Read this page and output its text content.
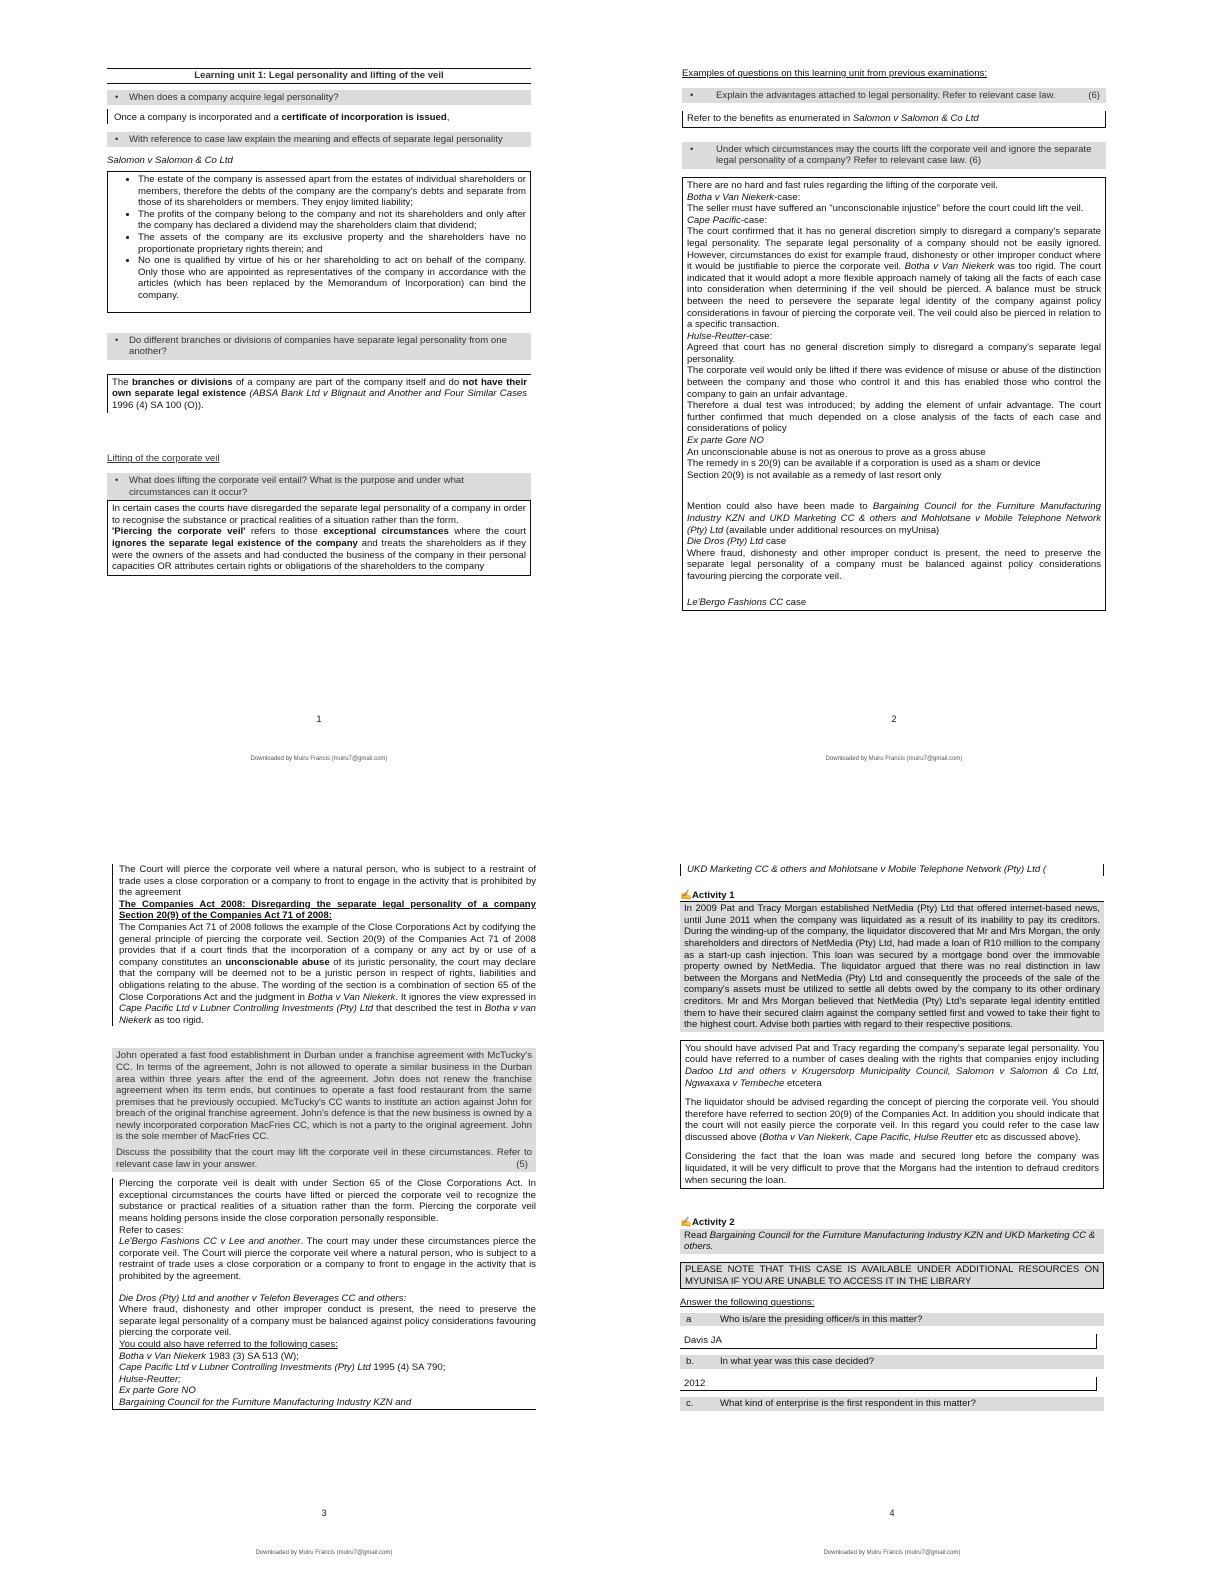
Learning unit 1: Legal personality and lifting of the veil
• When does a company acquire legal personality?
Once a company is incorporated and a certificate of incorporation is issued,
•	With reference to case law explain the meaning and effects of separate legal personality

Salomon v Salomon & Co Ltd

• The estate of the company is assessed apart from the estates of individual shareholders or members, therefore the debts of the company are the company's debts and separate from those of its shareholders or members. They enjoy limited liability;
• The profits of the company belong to the company and not its shareholders and only after the company has declared a dividend may the shareholders claim that dividend;
• The assets of the company are its exclusive property and the shareholders have no proportionate proprietary rights therein; and
• No one is qualified by virtue of his or her shareholding to act on behalf of the company. Only those who are appointed as representatives of the company in accordance with the articles (which has been replaced by the Memorandum of Incorporation) can bind the company.
•	Do different branches or divisions of companies have separate legal personality from one another?
The branches or divisions of a company are part of the company itself and do not have their own separate legal existence (ABSA Bank Ltd v Blignaut and Another and Four Similar Cases 1996 (4) SA 100 (O)).

Lifting of the corporate veil

•	What does lifting the corporate veil entail? What is the purpose and under what circumstances can it occur?

In certain cases the courts have disregarded the separate legal personality of a company in order to recognise the substance or practical realities of a situation rather than the form.

'Piercing the corporate veil' refers to those exceptional circumstances where the court ignores the separate legal existence of the company and treats the shareholders as if they were the owners of the assets and had conducted the business of the company in their personal capacities OR attributes certain rights or obligations of the shareholders to the company

1
Downloaded by Muiru Francis (muiru7@gmail.com)

Examples of questions on this learning unit from previous examinations:

•	Explain the advantages attached to legal personality. Refer to relevant case law.	(6)
Refer to the benefits as enumerated in Salomon v Salomon & Co Ltd
•	Under which circumstances may the courts lift the corporate veil and ignore the separate legal personality of a company? Refer to relevant case law. (6)

There are no hard and fast rules regarding the lifting of the corporate veil.

Botha v Van Niekerk-case:

The seller must have suffered an "unconscionable injustice" before the court could lift the veil.

Cape Pacific-case:

The court confirmed that it has no general discretion simply to disregard a company's separate legal personality. The separate legal personality of a company should not be easily ignored. However, circumstances do exist for example fraud, dishonesty or other improper conduct where it would be justifiable to pierce the corporate veil. Botha v Van Niekerk was too rigid. The court indicated that it would adopt a more flexible approach namely of taking all the facts of each case into consideration when determining if the veil should be pierced. A balance must be struck between the need to persevere the separate legal identity of the company against policy considerations in favour of piercing the corporate veil. The veil could also be pierced in relation to a specific transaction.

Hulse-Reutter-case:

Agreed that court has no general discretion simply to disregard a company's separate legal personality.

The corporate veil would only be lifted if there was evidence of misuse or abuse of the distinction between the company and those who control it and this has enabled those who control the company to gain an unfair advantage.

Therefore a dual test was introduced; by adding the element of unfair advantage. The court further confirmed that much depended on a close analysis of the facts of each case and considerations of policy

Ex parte Gore NO

An unconscionable abuse is not as onerous to prove as a gross abuse

The remedy in s 20(9) can be available if a corporation is used as a sham or device

Section 20(9) is not available as a remedy of last resort only

Mention could also have been made to Bargaining Council for the Furniture Manufacturing Industry KZN and UKD Marketing CC & others and Mohlotsane v Mobile Telephone Network (Pty) Ltd (available under additional resources on myUnisa)

Die Dros (Pty) Ltd case

Where fraud, dishonesty and other improper conduct is present, the need to preserve the separate legal personality of a company must be balanced against policy considerations favouring piercing the corporate veil.

Le'Bergo Fashions CC case

2
Downloaded by Muiru Francis (muiru7@gmail.com)

The Court will pierce the corporate veil where a natural person, who is subject to a restraint of trade uses a close corporation or a company to front to engage in the activity that is prohibited by the agreement

The Companies Act 2008: Disregarding the separate legal personality of a company Section 20(9) of the Companies Act 71 of 2008:

The Companies Act 71 of 2008 follows the example of the Close Corporations Act by codifying the general principle of piercing the corporate veil. Section 20(9) of the Companies Act 71 of 2008 provides that if a court finds that the incorporation of a company or any act by or use of a company constitutes an unconscionable abuse of its juristic personality, the court may declare that the company will be deemed not to be a juristic person in respect of rights, liabilities and obligations relating to the abuse. The wording of the section is a combination of section 65 of the Close Corporations Act and the judgment in Botha v Van Niekerk. It ignores the view expressed in Cape Pacific Ltd v Lubner Controlling Investments (Pty) Ltd that described the test in Botha v van Niekerk as too rigid.

John operated a fast food establishment in Durban under a franchise agreement with McTucky's CC. In terms of the agreement, John is not allowed to operate a similar business in the Durban area within three years after the end of the agreement. John does not renew the franchise agreement when its term ends, but continues to operate a fast food restaurant from the same premises that he previously occupied. McTucky's CC wants to institute an action against John for breach of the original franchise agreement. John's defence is that the new business is owned by a newly incorporated corporation MacFries CC, which is not a party to the original agreement. John is the sole member of MacFries CC.

Discuss the possibility that the court may lift the corporate veil in these circumstances. Refer to relevant case law in your answer.	(5)

Piercing the corporate veil is dealt with under Section 65 of the Close Corporations Act. In exceptional circumstances the courts have lifted or pierced the corporate veil to recognize the substance or practical realities of a situation rather than the form. Piercing the corporate veil means holding persons inside the close corporation personally responsible.

Refer to cases:

Le'Bergo Fashions CC v Lee and another. The court may under these circumstances pierce the corporate veil. The Court will pierce the corporate veil where a natural person, who is subject to a restraint of trade uses a close corporation or a company to front to engage in the activity that is prohibited by the agreement.

Die Dros (Pty) Ltd and another v Telefon Beverages CC and others:

Where fraud, dishonesty and other improper conduct is present, the need to preserve the separate legal personality of a company must be balanced against policy considerations favouring piercing the corporate veil.

You could also have referred to the following cases:

Botha v Van Niekerk 1983 (3) SA 513 (W);

Cape Pacific Ltd v Lubner Controlling Investments (Pty) Ltd 1995 (4) SA 790;

Hulse-Reutter;

Ex parte Gore NO

Bargaining Council for the Furniture Manufacturing Industry KZN and

3
Downloaded by Muiru Francis (muiru7@gmail.com)
UKD Marketing CC & others and Mohlotsane v Mobile Telephone Network (Pty) Ltd (

✍Activity 1

In 2009 Pat and Tracy Morgan established NetMedia (Pty) Ltd that offered internet-based news, until June 2011 when the company was liquidated as a result of its inability to pay its creditors. During the winding-up of the company, the liquidator discovered that Mr and Mrs Morgan, the only shareholders and directors of NetMedia (Pty) Ltd, had made a loan of R10 million to the company as a start-up cash injection. This loan was secured by a mortgage bond over the immovable property owned by NetMedia. The liquidator argued that there was no real distinction in law between the Morgans and NetMedia (Pty) Ltd and consequently the proceeds of the sale of the company's assets must be utilized to settle all debts owed by the company to its other ordinary creditors. Mr and Mrs Morgan believed that NetMedia (Pty) Ltd's separate legal identity entitled them to have their secured claim against the company settled first and vowed to take their fight to the highest court. Advise both parties with regard to their respective positions.

You should have advised Pat and Tracy regarding the company's separate legal personality. You could have referred to a number of cases dealing with the rights that companies enjoy including Dadoo Ltd and others v Krugersdorp Municipality Council, Salomon v Salomon & Co Ltd, Ngwaxaxa v Tembeche etcetera

The liquidator should be advised regarding the concept of piercing the corporate veil. You should therefore have referred to section 20(9) of the Companies Act. In addition you should indicate that the court will not easily pierce the corporate veil. In this regard you could refer to the case law discussed above (Botha v Van Niekerk, Cape Pacific, Hulse Reutter etc as discussed above).

Considering the fact that the loan was made and secured long before the company was liquidated, it will be very difficult to prove that the Morgans had the intention to defraud creditors when securing the loan.

✍Activity 2

Read Bargaining Council for the Furniture Manufacturing Industry KZN and UKD Marketing CC & others.
PLEASE NOTE THAT THIS CASE IS AVAILABLE UNDER ADDITIONAL RESOURCES ON MYUNISA IF YOU ARE UNABLE TO ACCESS IT IN THE LIBRARY

Answer the following questions:

a	Who is/are the presiding officer/s in this matter?
Davis JA
b.	In what year was this case decided?
2012
c.	What kind of enterprise is the first respondent in this matter?
4
Downloaded by Muiru Francis (muiru7@gmail.com)
